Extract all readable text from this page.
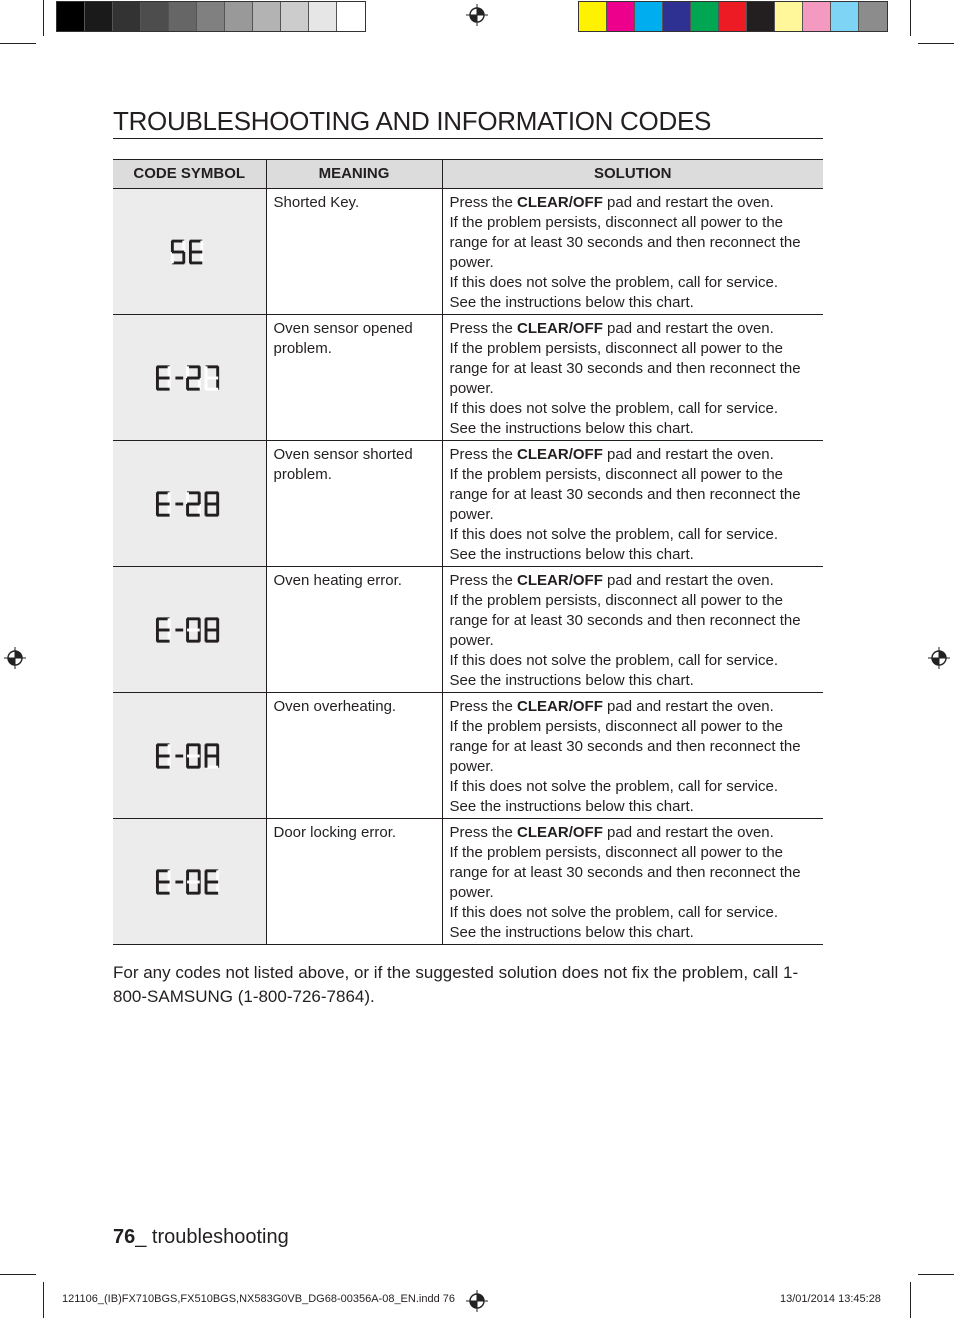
TROUBLESHOOTING AND INFORMATION CODES
CODE SYMBOL	MEANING	SOLUTION
	Shorted Key.	Press the CLEAR/OFF pad and restart the oven.
If the problem persists, disconnect all power to the range for at least 30 seconds and then reconnect the power.
If this does not solve the problem, call for service.
See the instructions below this chart.

	Oven sensor opened problem.	Press the CLEAR/OFF pad and restart the oven.
If the problem persists, disconnect all power to the range for at least 30 seconds and then reconnect the power.
If this does not solve the problem, call for service.
See the instructions below this chart.

	Oven sensor shorted problem.	Press the CLEAR/OFF pad and restart the oven.
If the problem persists, disconnect all power to the range for at least 30 seconds and then reconnect the power.
If this does not solve the problem, call for service.
See the instructions below this chart.

	Oven heating error.	Press the CLEAR/OFF pad and restart the oven.
If the problem persists, disconnect all power to the range for at least 30 seconds and then reconnect the power.
If this does not solve the problem, call for service.
See the instructions below this chart.

	Oven overheating.	Press the CLEAR/OFF pad and restart the oven.
If the problem persists, disconnect all power to the range for at least 30 seconds and then reconnect the power.
If this does not solve the problem, call for service.
See the instructions below this chart.

	Door locking error.	Press the CLEAR/OFF pad and restart the oven.
If the problem persists, disconnect all power to the range for at least 30 seconds and then reconnect the power.
If this does not solve the problem, call for service.
See the instructions below this chart.

For any codes not listed above, or if the suggested solution does not fix the problem, call 1-800-SAMSUNG (1-800-726-7864).

76_ troubleshooting
121106_(IB)FX710BGS,FX510BGS,NX583G0VB_DG68-00356A-08_EN.indd 76	13/01/2014 13:45:28
